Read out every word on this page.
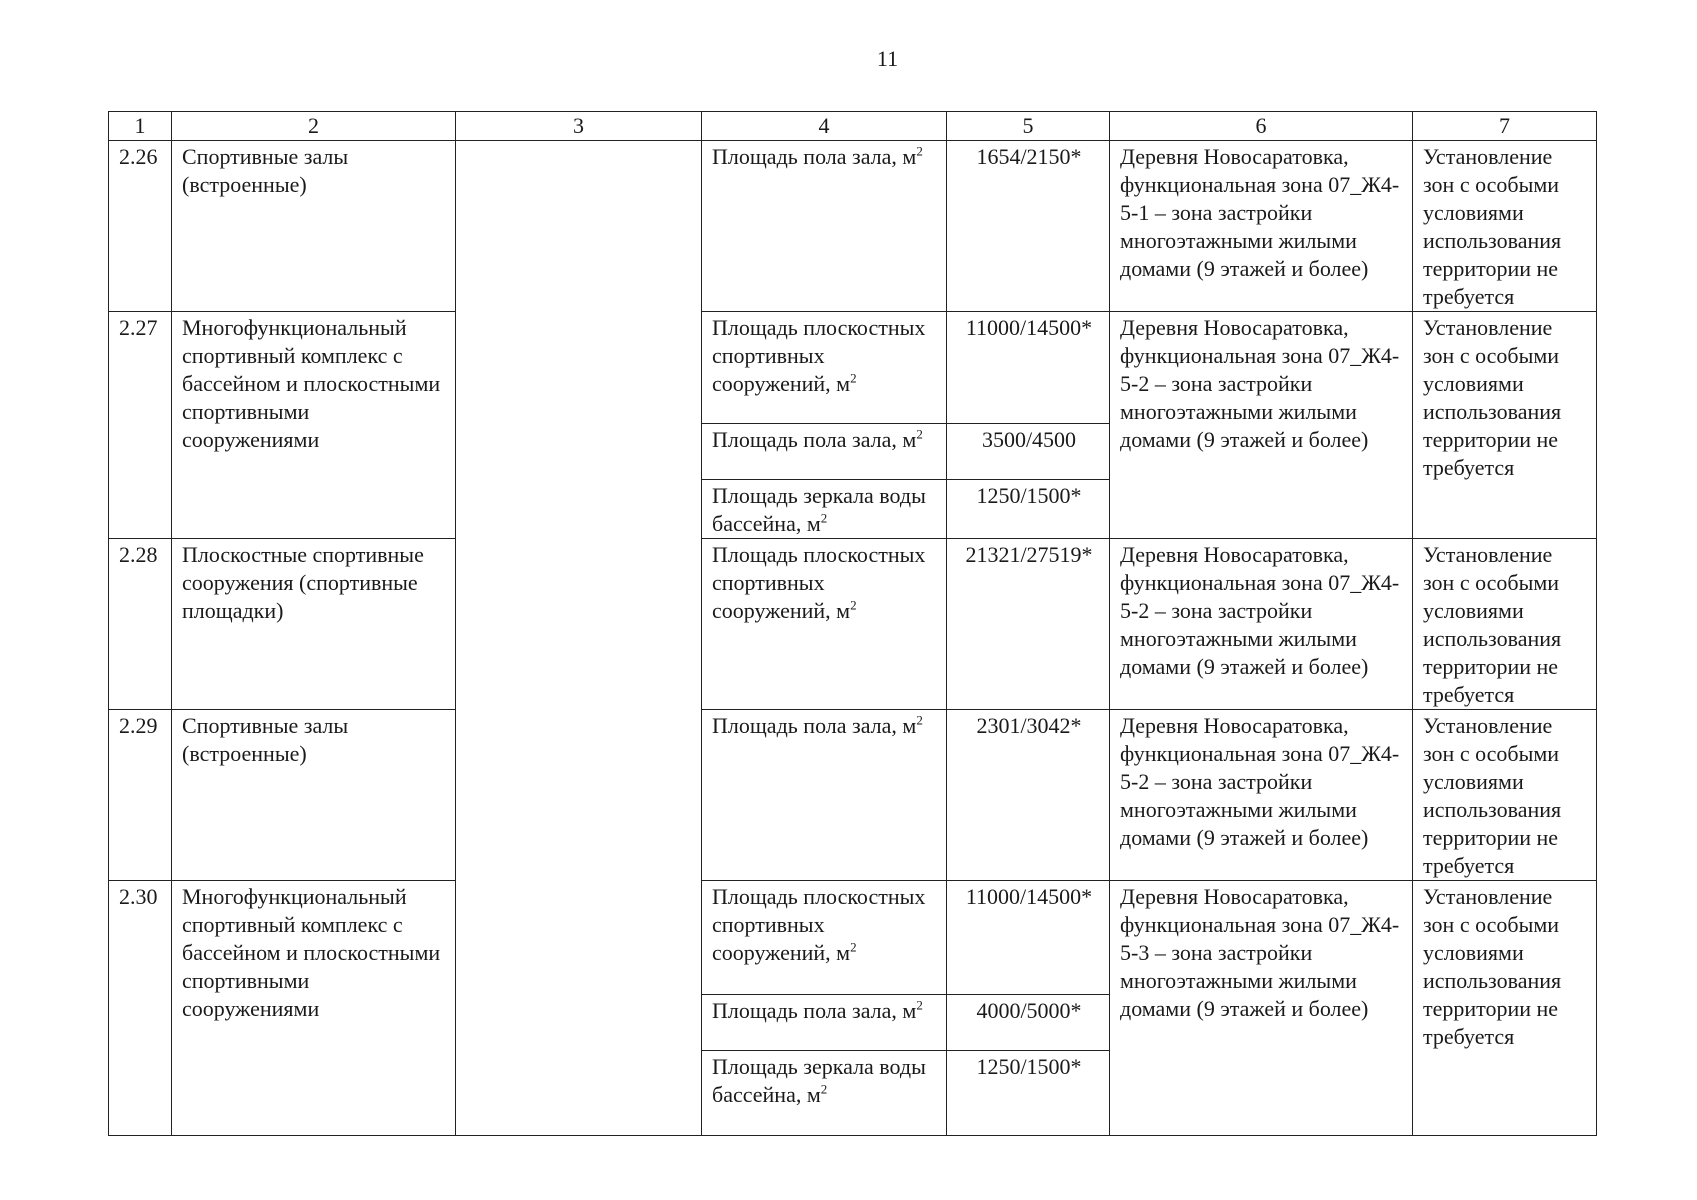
11
1	2	3	4	5	6	7
2.26	Спортивные залы (встроенные)		Площадь пола зала, $м^2$	1654/2150*	Деревня Новосаратовка, функциональная зона 07_Ж4-5-1 – зона застройки многоэтажными жилыми домами (9 этажей и более)	Установление зон с особыми условиями использования территории не требуется
2.27	Многофункциональный спортивный комплекс с бассейном и плоскостными спортивными сооружениями		Площадь плоскостных спортивных сооружений, $м^2$	11000/14500*	Деревня Новосаратовка, функциональная зона 07_Ж4-5-2 – зона застройки многоэтажными жилыми домами (9 этажей и более)	Установление зон с особыми условиями использования территории не требуется
			Площадь пола зала, $м^2$	3500/4500		
			Площадь зеркала воды бассейна, $м^2$	1250/1500*		
2.28	Плоскостные спортивные сооружения (спортивные площадки)		Площадь плоскостных спортивных сооружений, $м^2$	21321/27519*	Деревня Новосаратовка, функциональная зона 07_Ж4-5-2 – зона застройки многоэтажными жилыми домами (9 этажей и более)	Установление зон с особыми условиями использования территории не требуется
2.29	Спортивные залы (встроенные)		Площадь пола зала, $м^2$	2301/3042*	Деревня Новосаратовка, функциональная зона 07_Ж4-5-2 – зона застройки многоэтажными жилыми домами (9 этажей и более)	Установление зон с особыми условиями использования территории не требуется
2.30	Многофункциональный спортивный комплекс с бассейном и плоскостными спортивными сооружениями		Площадь плоскостных спортивных сооружений, $м^2$	11000/14500*	Деревня Новосаратовка, функциональная зона 07_Ж4-5-3 – зона застройки многоэтажными жилыми домами (9 этажей и более)	Установление зон с особыми условиями использования территории не требуется
			Площадь пола зала, $м^2$	4000/5000*		
			Площадь зеркала воды бассейна, $м^2$	1250/1500*		
